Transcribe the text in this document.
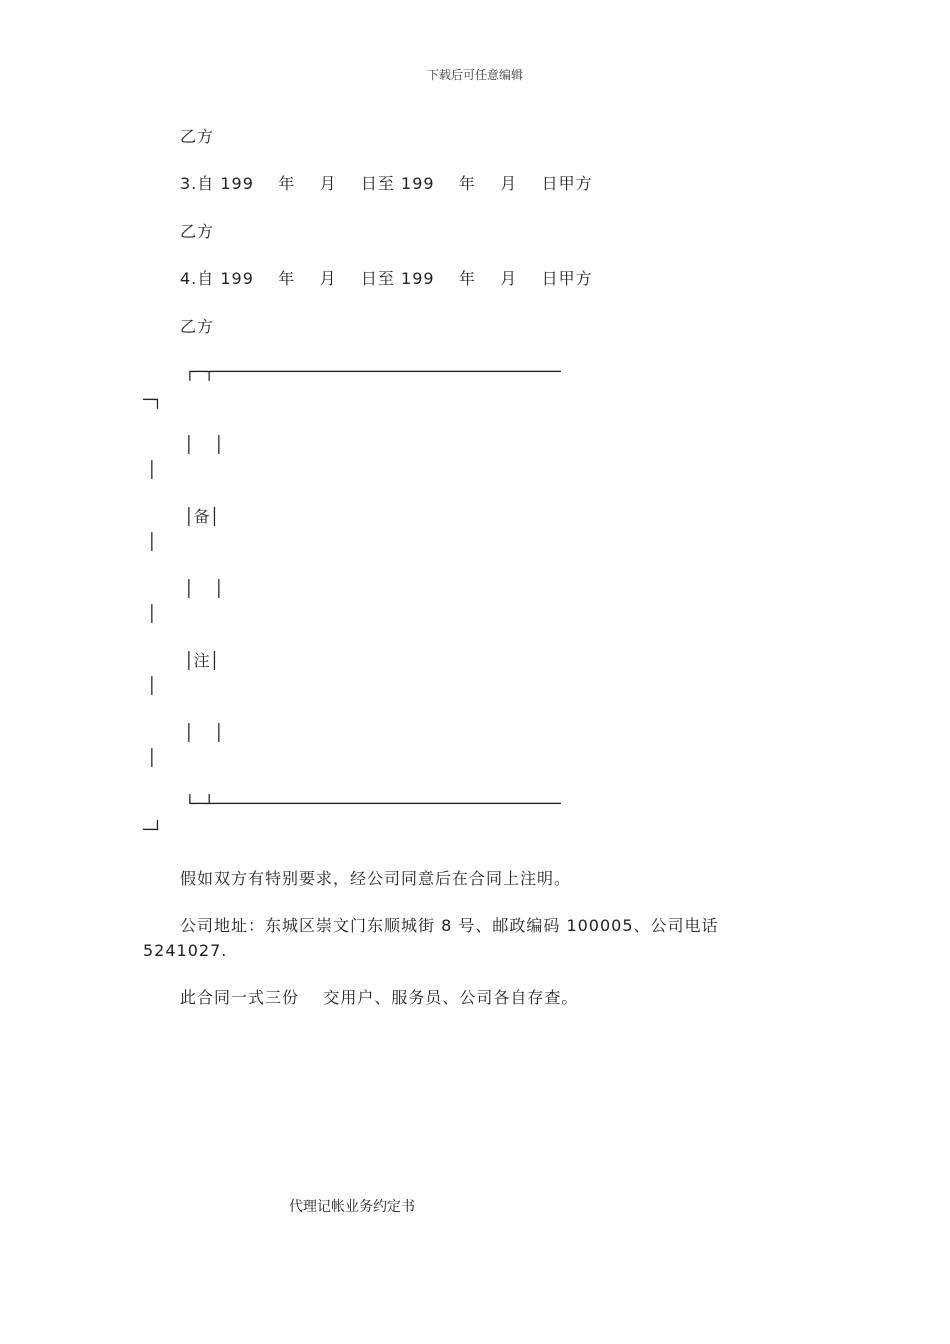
下载后可任意编辑
乙方
3.自 199    年    月    日至 199    年    月    日甲方
乙方
4.自 199    年    月    日至 199    年    月    日甲方
乙方
┌─┬────────────────────────────────────
─┐
│    │
│
│备│
│
│    │
│
│注│
│
│    │
│
└─┴────────────────────────────────────
─┘
假如双方有特别要求，经公司同意后在合同上注明。
公司地址：东城区崇文门东顺城街 8 号、邮政编码 100005、公司电话
5241027.
此合同一式三份    交用户、服务员、公司各自存查。
代理记帐业务约定书
